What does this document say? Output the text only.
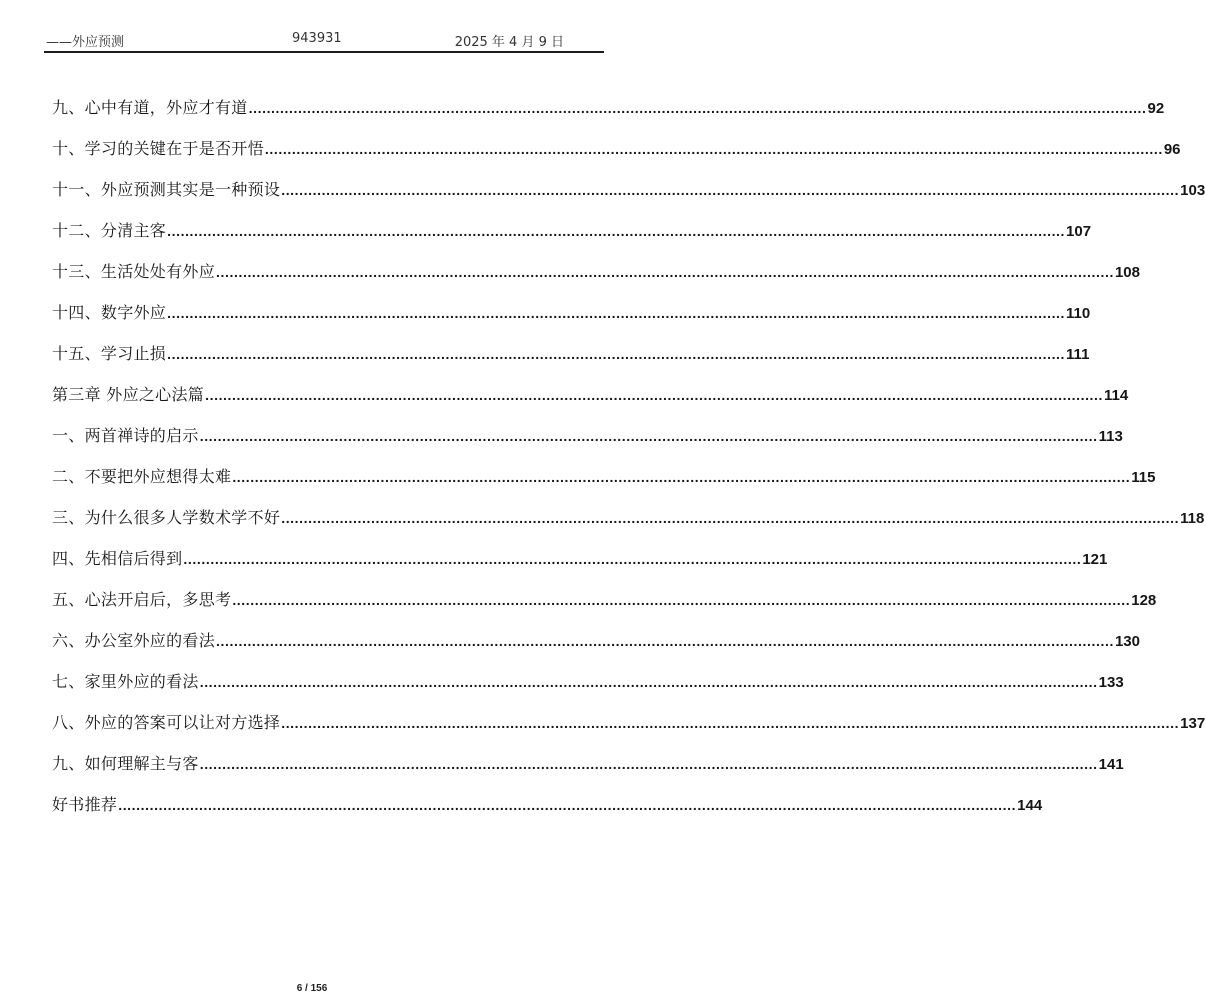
——外应预测	943931	2025 年 4 月 9 日
九、心中有道，外应才有道 ........................................................................................................................................................................................................ 92
十、学习的关键在于是否开悟 ........................................................................................................................................................................................................ 96
十一、外应预测其实是一种预设 ........................................................................................................................................................................................................ 103
十二、分清主客 ........................................................................................................................................................................................................ 107
十三、生活处处有外应 ........................................................................................................................................................................................................ 108
十四、数字外应 ........................................................................................................................................................................................................ 110
十五、学习止损 ........................................................................................................................................................................................................ 111
第三章 外应之心法篇 ........................................................................................................................................................................................................ 114
一、两首禅诗的启示 ........................................................................................................................................................................................................ 113
二、不要把外应想得太难 ........................................................................................................................................................................................................ 115
三、为什么很多人学数术学不好 ........................................................................................................................................................................................................ 118
四、先相信后得到 ........................................................................................................................................................................................................ 121
五、心法开启后，多思考 ........................................................................................................................................................................................................ 128
六、办公室外应的看法 ........................................................................................................................................................................................................ 130
七、家里外应的看法 ........................................................................................................................................................................................................ 133
八、外应的答案可以让对方选择 ........................................................................................................................................................................................................ 137
九、如何理解主与客 ........................................................................................................................................................................................................ 141
好书推荐 ........................................................................................................................................................................................................ 144
6 / 156
